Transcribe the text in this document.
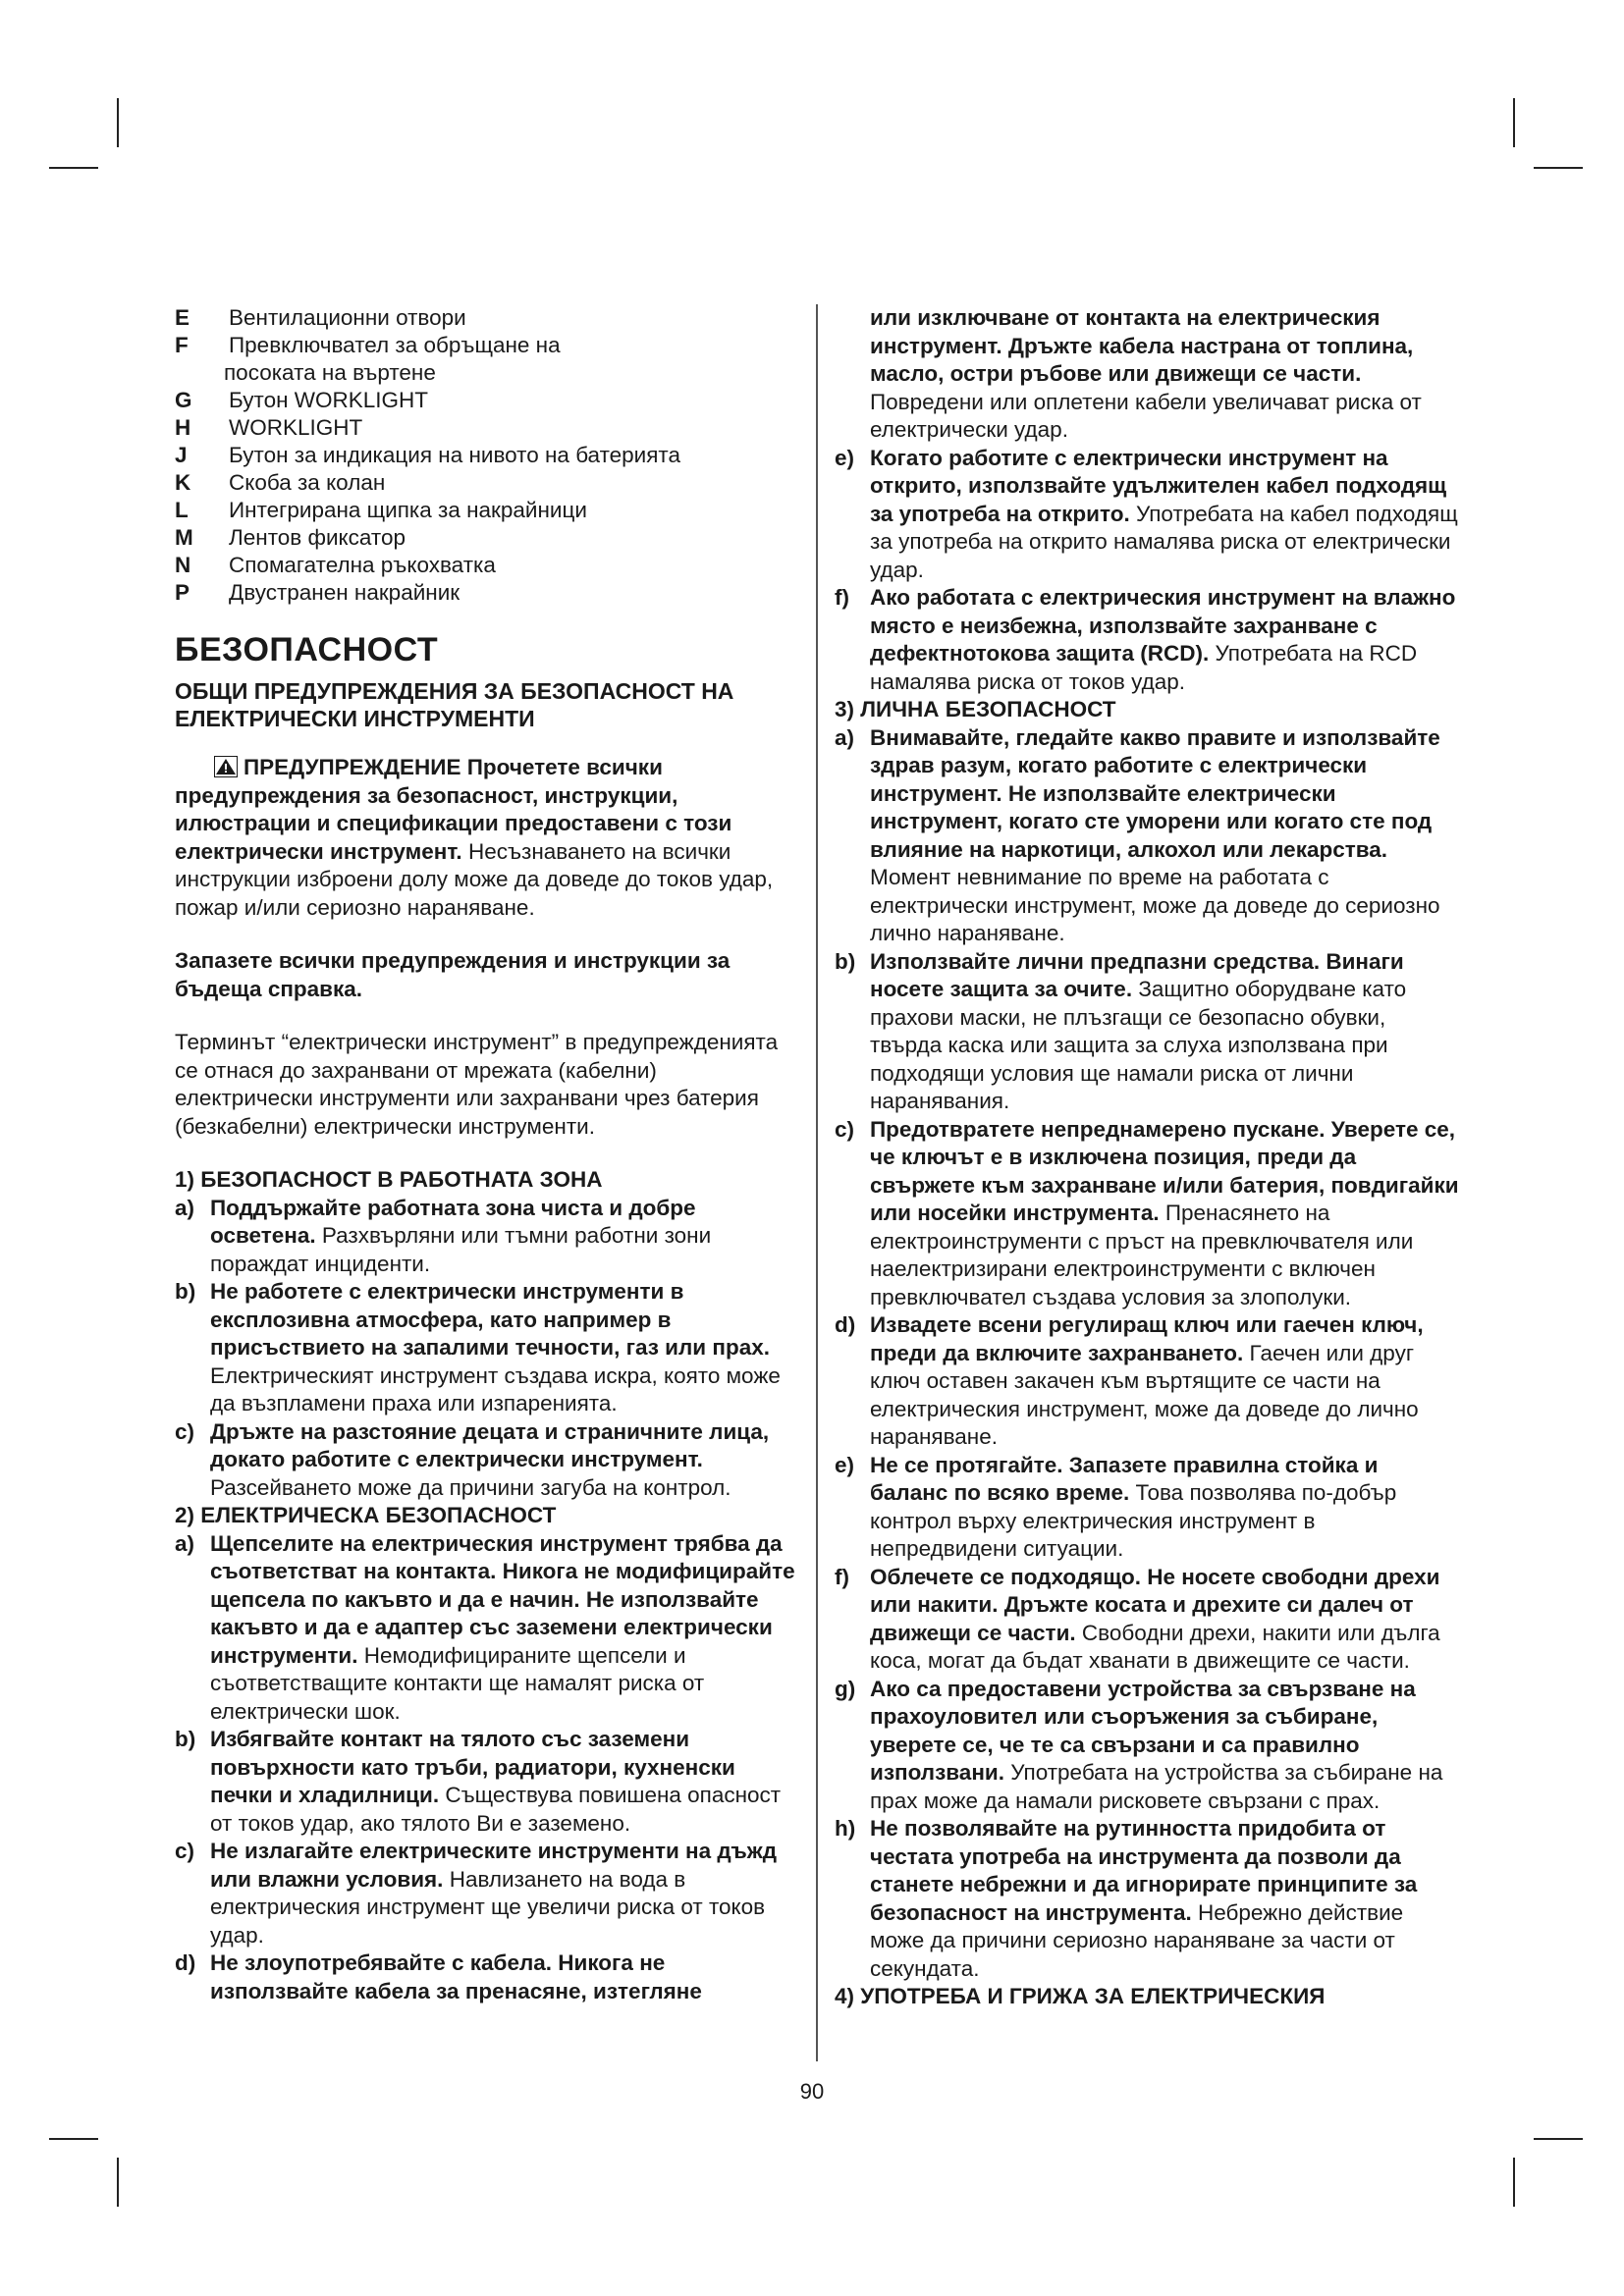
E	Вентилационни отвори
F	Превключвател за обръщане на
посоката на въртене
G	Бутон WORKLIGHT
H	WORKLIGHT
J	Бутон за индикация на нивото на батерията
K	Скоба за колан
L	Интегрирана щипка за накрайници
M	Лентов фиксатор
N	Спомагателна ръкохватка
P	Двустранен накрайник
БЕЗОПАСНОСТ
ОБЩИ ПРЕДУПРЕЖДЕНИЯ ЗА БЕЗОПАСНОСТ НА ЕЛЕКТРИЧЕСКИ ИНСТРУМЕНТИ
ПРЕДУПРЕЖДЕНИЕ Прочетете всички предупреждения за безопасност, инструкции, илюстрации и спецификации предоставени с този електрически инструмент. Несъзнаването на всички инструкции изброени долу може да доведе до токов удар, пожар и/или сериозно нараняване.
Запазете всички предупреждения и инструкции за бъдеща справка.
Терминът “електрически инструмент” в предупрежденията се отнася до захранвани от мрежата (кабелни) електрически инструменти или захранвани чрез батерия (безкабелни) електрически инструменти.
1) БЕЗОПАСНОСТ В РАБОТНАТА ЗОНА
a) Поддържайте работната зона чиста и добре осветена. Разхвърляни или тъмни работни зони пораждат инциденти.
b) Не работете с електрически инструменти в експлозивна атмосфера, като например в присъствието на запалими течности, газ или прах. Електрическият инструмент създава искра, която може да възпламени праха или изпаренията.
c) Дръжте на разстояние децата и страничните лица, докато работите с електрически инструмент. Разсейването може да причини загуба на контрол.
2) ЕЛЕКТРИЧЕСКА БЕЗОПАСНОСТ
a) Щепселите на електрическия инструмент трябва да съответстват на контакта. Никога не модифицирайте щепсела по какъвто и да е начин. Не използвайте какъвто и да е адаптер със заземени електрически инструменти. Немодифицираните щепсели и съответстващите контакти ще намалят риска от електрически шок.
b) Избягвайте контакт на тялото със заземени повърхности като тръби, радиатори, кухненски печки и хладилници. Съществува повишена опасност от токов удар, ако тялото Ви е заземено.
c) Не излагайте електрическите инструменти на дъжд или влажни условия. Навлизането на вода в електрическия инструмент ще увеличи риска от токов удар.
d) Не злоупотребявайте с кабела. Никога не използвайте кабела за пренасяне, изтегляне
или изключване от контакта на електрическия инструмент. Дръжте кабела настрана от топлина, масло, остри ръбове или движещи се части. Повредени или оплетени кабели увеличават риска от електрически удар.
e) Когато работите с електрически инструмент на открито, използвайте удължителен кабел подходящ за употреба на открито. Употребата на кабел подходящ за употреба на открито намалява риска от електрически удар.
f) Ако работата с електрическия инструмент на влажно място е неизбежна, използвайте захранване с дефектнотокова защита (RCD). Употребата на RCD намалява риска от токов удар.
3) ЛИЧНА БЕЗОПАСНОСТ
a) Внимавайте, гледайте какво правите и използвайте здрав разум, когато работите с електрически инструмент. Не използвайте електрически инструмент, когато сте уморени или когато сте под влияние на наркотици, алкохол или лекарства. Момент невнимание по време на работата с електрически инструмент, може да доведе до сериозно лично нараняване.
b) Използвайте лични предпазни средства. Винаги носете защита за очите. Защитно оборудване като прахови маски, не плъзгащи се безопасно обувки, твърда каска или защита за слуха използвана при подходящи условия ще намали риска от лични наранявания.
c) Предотвратете непреднамерено пускане. Уверете се, че ключът е в изключена позиция, преди да свържете към захранване и/или батерия, повдигайки или носейки инструмента. Пренасянето на електроинструменти с пръст на превключвателя или наелектризирани електроинструменти с включен превключвател създава условия за злополуки.
d) Извадете всени регулиращ ключ или гаечен ключ, преди да включите захранването. Гаечен или друг ключ оставен закачен към въртящите се части на електрическия инструмент, може да доведе до лично нараняване.
e) Не се протягайте. Запазете правилна стойка и баланс по всяко време. Това позволява по-добър контрол върху електрическия инструмент в непредвидени ситуации.
f) Облечете се подходящо. Не носете свободни дрехи или накити. Дръжте косата и дрехите си далеч от движещи се части. Свободни дрехи, накити или дълга коса, могат да бъдат хванати в движещите се части.
g) Ако са предоставени устройства за свързване на прахоуловител или съоръжения за събиране, уверете се, че те са свързани и са правилно използвани. Употребата на устройства за събиране на прах може да намали рисковете свързани с прах.
h) Не позволявайте на рутинността придобита от честата употреба на инструмента да позволи да станете небрежни и да игнорирате принципите за безопасност на инструмента. Небрежно действие може да причини сериозно нараняване за части от секундата.
4) УПОТРЕБА И ГРИЖА ЗА ЕЛЕКТРИЧЕСКИЯ
90
